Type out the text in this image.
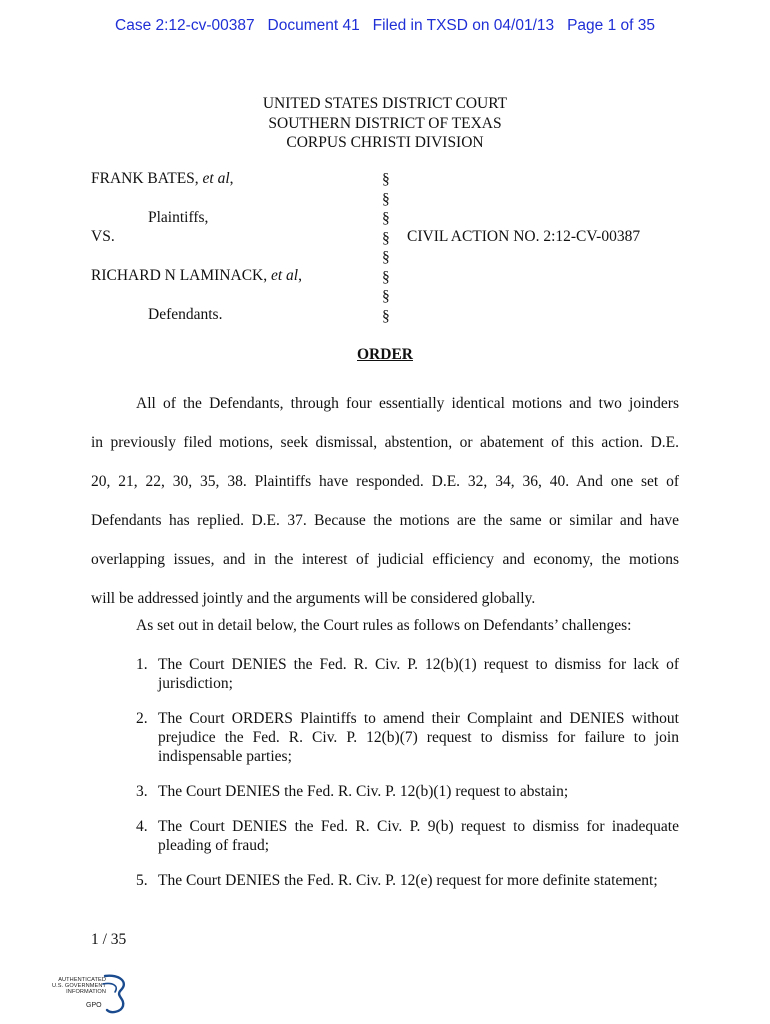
Case 2:12-cv-00387   Document 41   Filed in TXSD on 04/01/13   Page 1 of 35
UNITED STATES DISTRICT COURT
SOUTHERN DISTRICT OF TEXAS
CORPUS CHRISTI DIVISION
FRANK BATES, et al,
Plaintiffs,
VS.
RICHARD N LAMINACK, et al,
Defendants.
CIVIL ACTION NO. 2:12-CV-00387
§
§
§
§
§
§
§
§
ORDER
All of the Defendants, through four essentially identical motions and two joinders
in previously filed motions, seek dismissal, abstention, or abatement of this action. D.E.
20, 21, 22, 30, 35, 38. Plaintiffs have responded. D.E. 32, 34, 36, 40. And one set of
Defendants has replied. D.E. 37. Because the motions are the same or similar and have
overlapping issues, and in the interest of judicial efficiency and economy, the motions
will be addressed jointly and the arguments will be considered globally.
As set out in detail below, the Court rules as follows on Defendants’ challenges:
1. The Court DENIES the Fed. R. Civ. P. 12(b)(1) request to dismiss for lack of jurisdiction;
2. The Court ORDERS Plaintiffs to amend their Complaint and DENIES without prejudice the Fed. R. Civ. P. 12(b)(7) request to dismiss for failure to join indispensable parties;
3. The Court DENIES the Fed. R. Civ. P. 12(b)(1) request to abstain;
4. The Court DENIES the Fed. R. Civ. P. 9(b) request to dismiss for inadequate pleading of fraud;
5. The Court DENIES the Fed. R. Civ. P. 12(e) request for more definite statement;
1 / 35
AUTHENTICATED
U.S. GOVERNMENT
INFORMATION
GPO
